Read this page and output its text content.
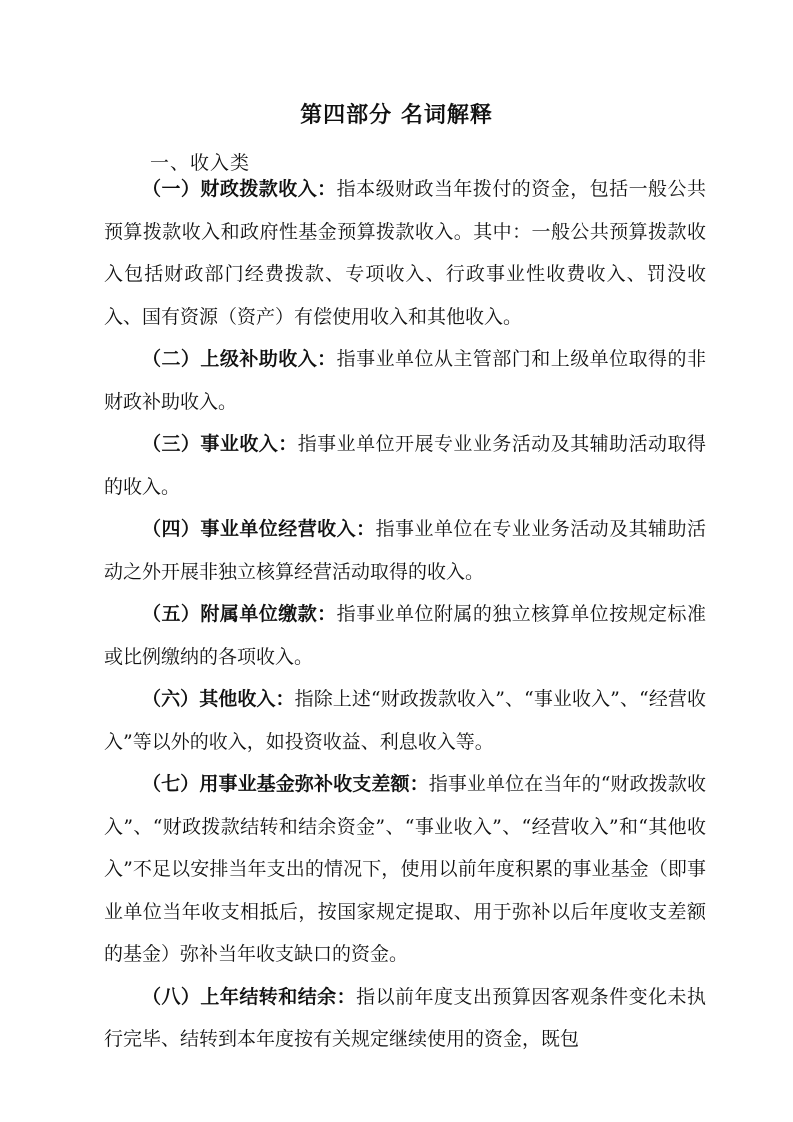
第四部分 名词解释
一、收入类

（一）财政拨款收入：指本级财政当年拨付的资金，包括一般公共预算拨款收入和政府性基金预算拨款收入。其中：一般公共预算拨款收入包括财政部门经费拨款、专项收入、行政事业性收费收入、罚没收入、国有资源（资产）有偿使用收入和其他收入。

（二）上级补助收入：指事业单位从主管部门和上级单位取得的非财政补助收入。

（三）事业收入：指事业单位开展专业业务活动及其辅助活动取得的收入。

（四）事业单位经营收入：指事业单位在专业业务活动及其辅助活动之外开展非独立核算经营活动取得的收入。

（五）附属单位缴款：指事业单位附属的独立核算单位按规定标准或比例缴纳的各项收入。

（六）其他收入：指除上述“财政拨款收入”、“事业收入”、“经营收入”等以外的收入，如投资收益、利息收入等。

（七）用事业基金弥补收支差额：指事业单位在当年的“财政拨款收入”、“财政拨款结转和结余资金”、“事业收入”、“经营收入”和“其他收入”不足以安排当年支出的情况下，使用以前年度积累的事业基金（即事业单位当年收支相抵后，按国家规定提取、用于弥补以后年度收支差额的基金）弥补当年收支缺口的资金。

（八）上年结转和结余：指以前年度支出预算因客观条件变化未执行完毕、结转到本年度按有关规定继续使用的资金，既包
